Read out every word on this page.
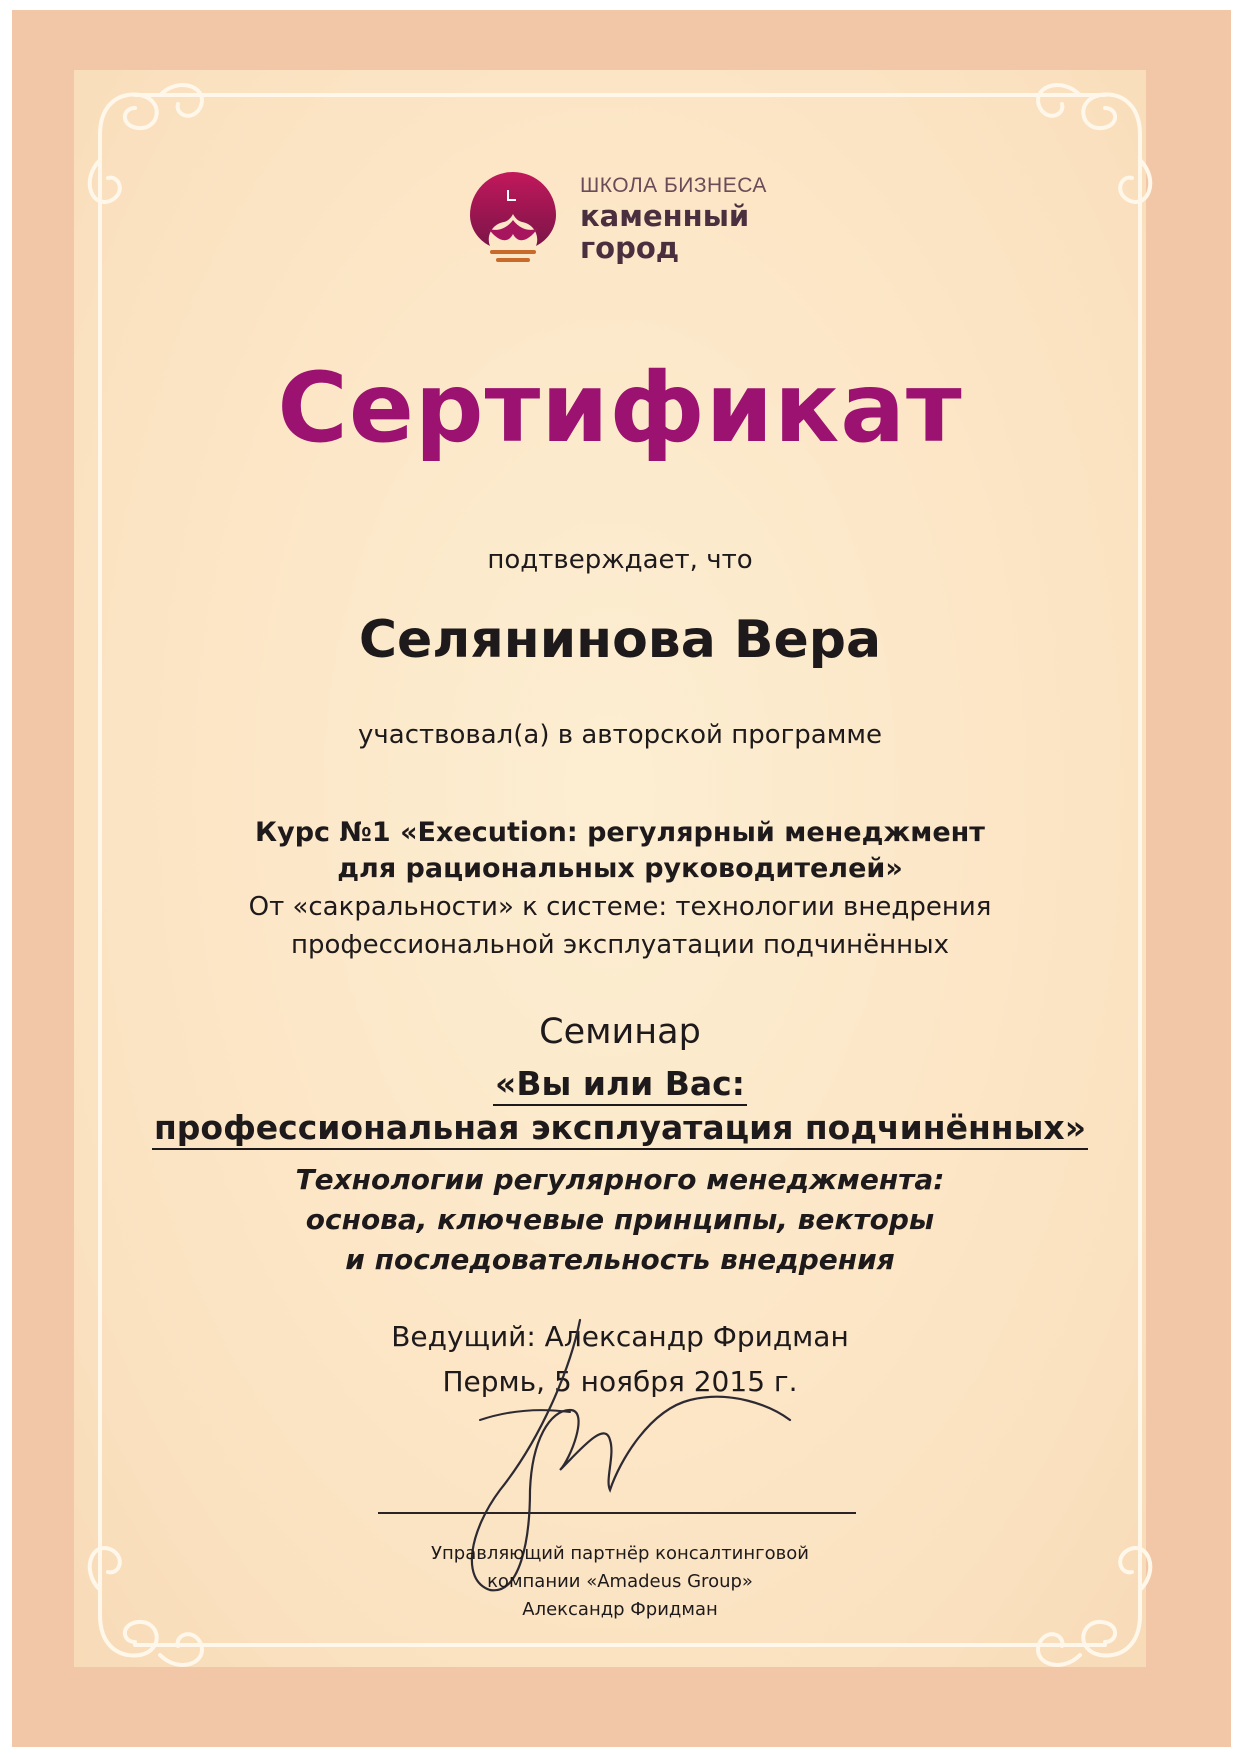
ШКОЛА БИЗНЕСА
каменный
город
Сертификат
подтверждает, что
Селянинова Вера
участвовал(а) в авторской программе
Курс №1 «Execution: регулярный менеджмент
для рациональных руководителей»
От «сакральности» к системе: технологии внедрения
профессиональной эксплуатации подчинённых
Семинар
«Вы или Вас:
профессиональная эксплуатация подчинённых»
Технологии регулярного менеджмента:
основа, ключевые принципы, векторы
и последовательность внедрения
Ведущий: Александр Фридман
Пермь, 5 ноября 2015 г.
Управляющий партнёр консалтинговой
компании «Amadeus Group»
Александр Фридман
